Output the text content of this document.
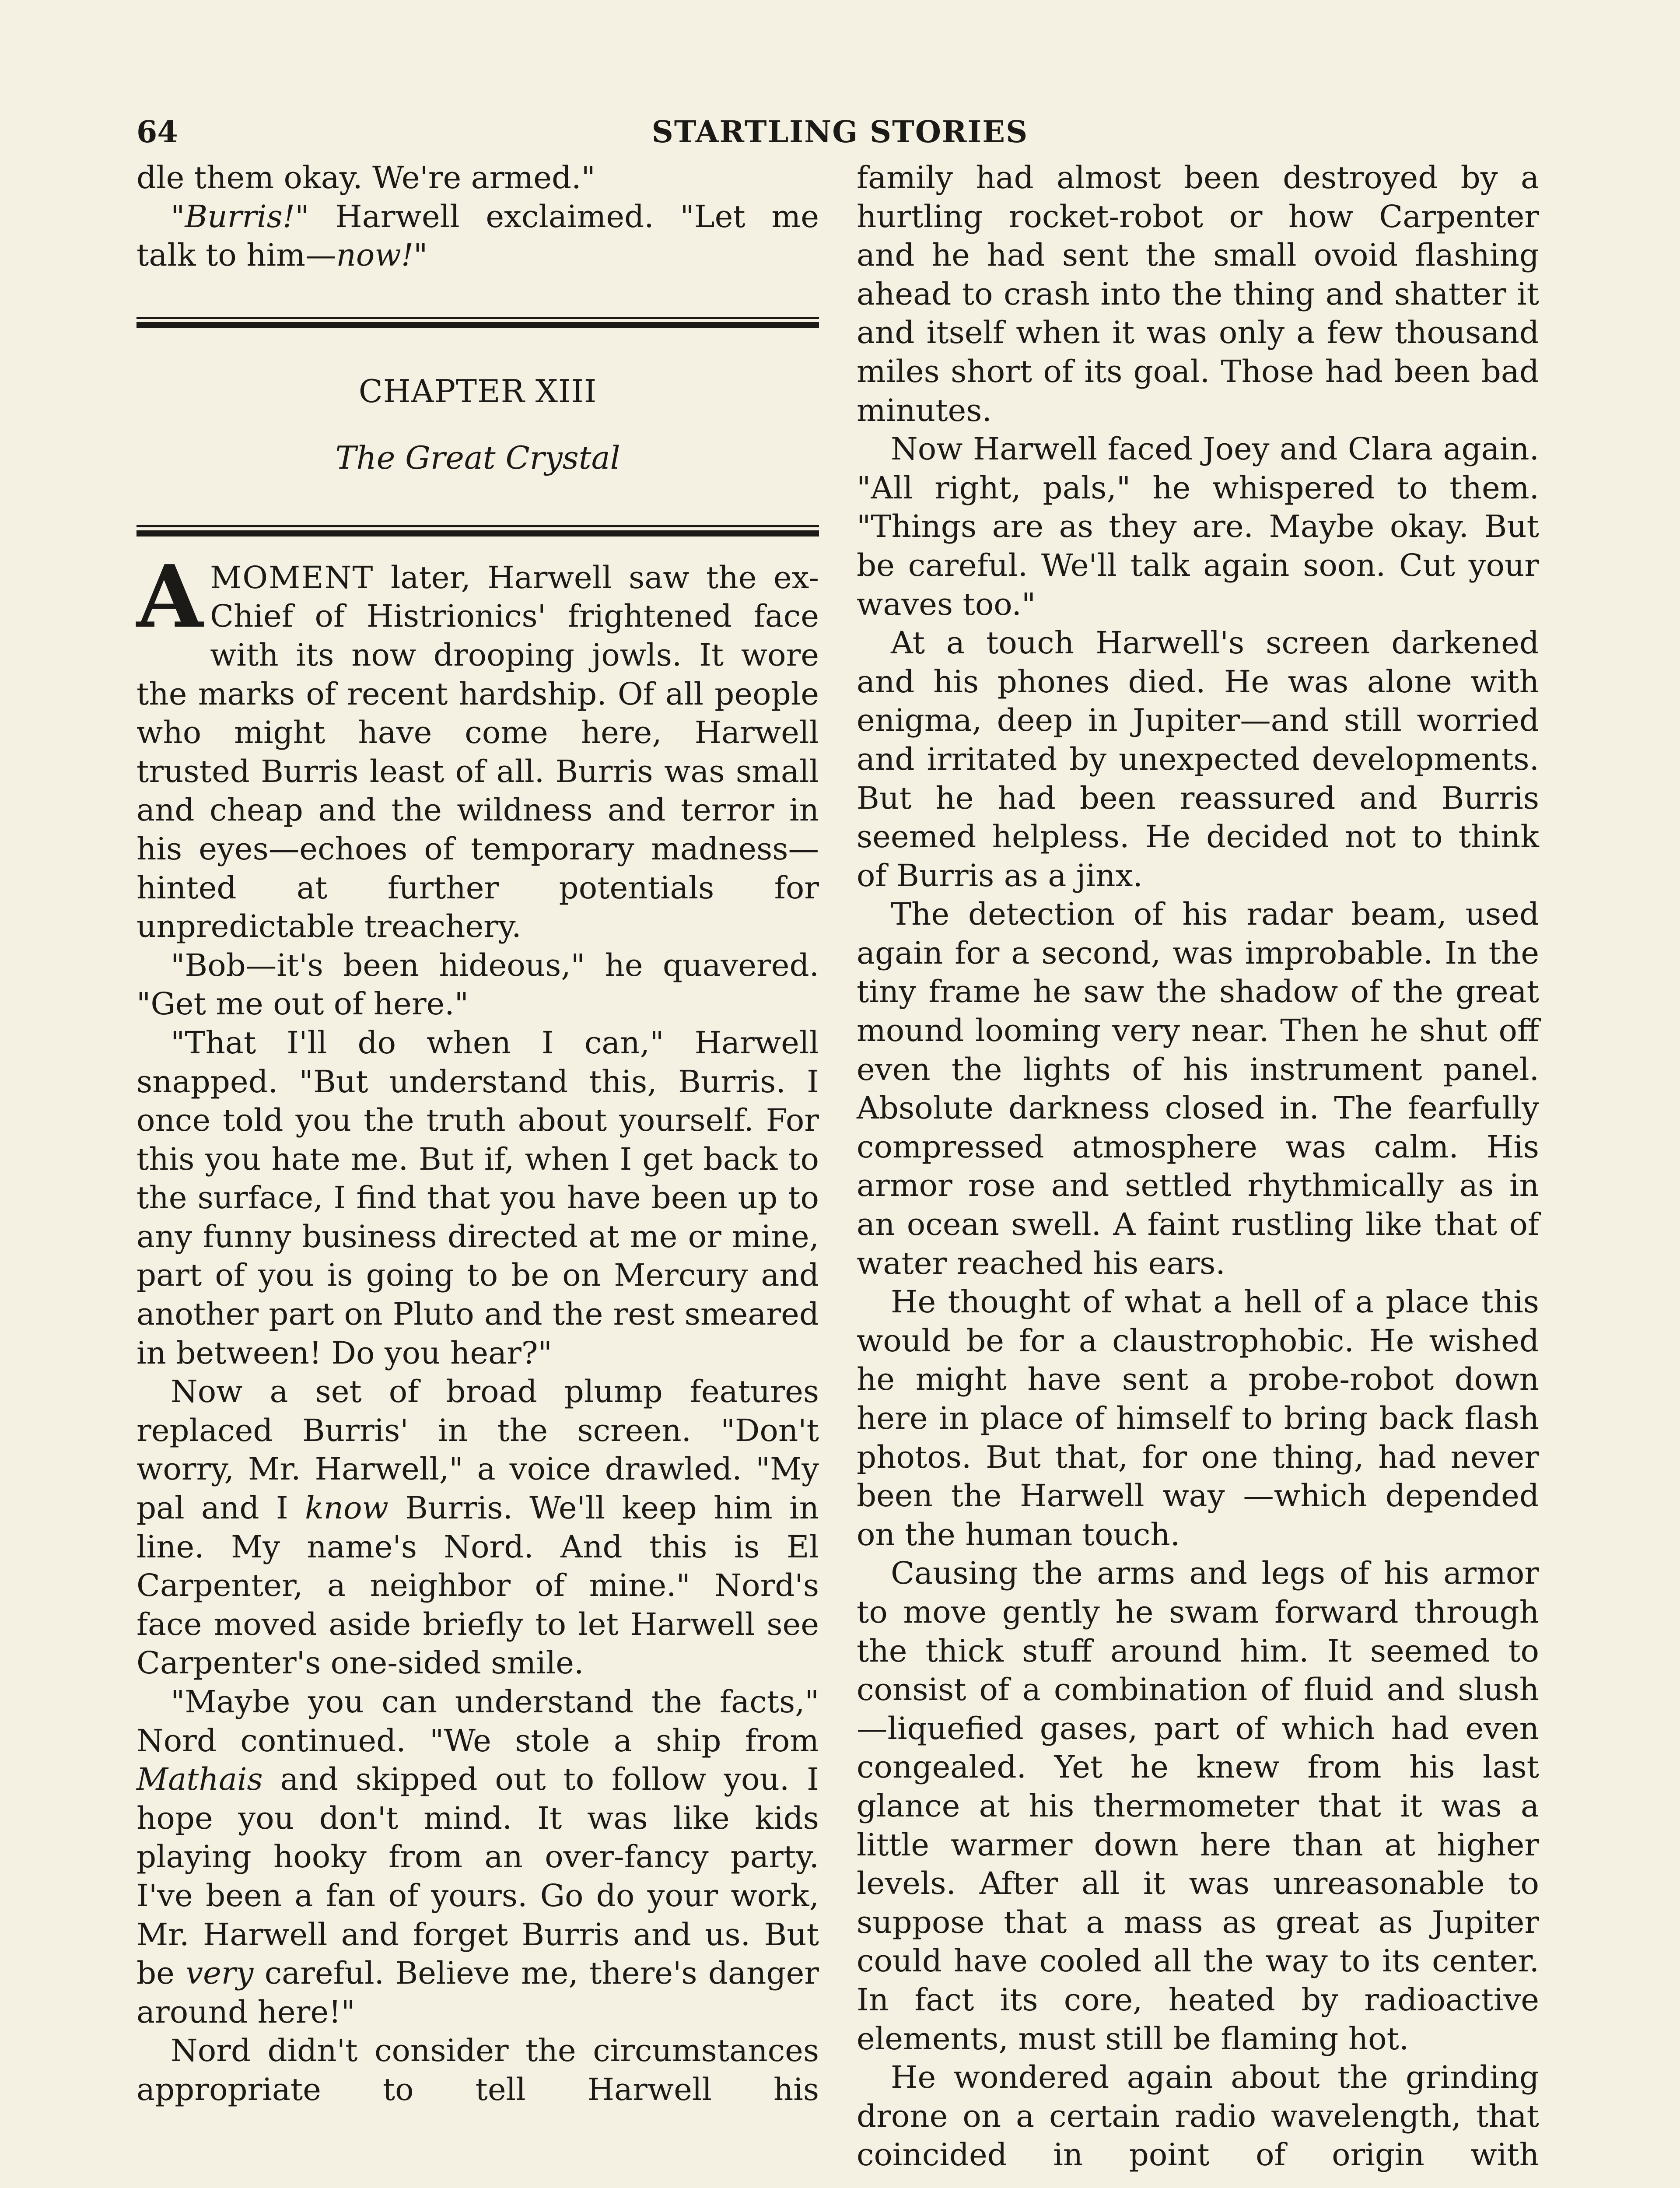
64	STARTLING STORIES

dle them okay. We're armed."

"Burris!" Harwell exclaimed. "Let me talk to him—now!"

CHAPTER XIII
The Great Crystal

AMOMENT later, Harwell saw the ex-Chief of Histrionics' frightened face with its now drooping jowls. It wore the marks of recent hardship. Of all people who might have come here, Harwell trusted Burris least of all. Burris was small and cheap and the wildness and terror in his eyes—echoes of temporary madness—hinted at further potentials for unpredictable treachery.

"Bob—it's been hideous," he quavered. "Get me out of here."

"That I'll do when I can," Harwell snapped. "But understand this, Burris. I once told you the truth about yourself. For this you hate me. But if, when I get back to the surface, I find that you have been up to any funny business directed at me or mine, part of you is going to be on Mercury and another part on Pluto and the rest smeared in between! Do you hear?"

Now a set of broad plump features replaced Burris' in the screen. "Don't worry, Mr. Harwell," a voice drawled. "My pal and I know Burris. We'll keep him in line. My name's Nord. And this is El Carpenter, a neighbor of mine." Nord's face moved aside briefly to let Harwell see Carpenter's one-sided smile.

"Maybe you can understand the facts," Nord continued. "We stole a ship from Mathais and skipped out to follow you. I hope you don't mind. It was like kids playing hooky from an over-fancy party. I've been a fan of yours. Go do your work, Mr. Harwell and forget Burris and us. But be very careful. Believe me, there's danger around here!"

Nord didn't consider the circumstances appropriate to tell Harwell his

family had almost been destroyed by a hurtling rocket-robot or how Carpenter and he had sent the small ovoid flashing ahead to crash into the thing and shatter it and itself when it was only a few thousand miles short of its goal. Those had been bad minutes.

Now Harwell faced Joey and Clara again. "All right, pals," he whispered to them. "Things are as they are. Maybe okay. But be careful. We'll talk again soon. Cut your waves too."

At a touch Harwell's screen darkened and his phones died. He was alone with enigma, deep in Jupiter—and still worried and irritated by unexpected developments. But he had been reassured and Burris seemed helpless. He decided not to think of Burris as a jinx.

The detection of his radar beam, used again for a second, was improbable. In the tiny frame he saw the shadow of the great mound looming very near. Then he shut off even the lights of his instrument panel. Absolute darkness closed in. The fearfully compressed atmosphere was calm. His armor rose and settled rhythmically as in an ocean swell. A faint rustling like that of water reached his ears.

He thought of what a hell of a place this would be for a claustrophobic. He wished he might have sent a probe-robot down here in place of himself to bring back flash photos. But that, for one thing, had never been the Harwell way —which depended on the human touch.

Causing the arms and legs of his armor to move gently he swam forward through the thick stuff around him. It seemed to consist of a combination of fluid and slush—liquefied gases, part of which had even congealed. Yet he knew from his last glance at his thermometer that it was a little warmer down here than at higher levels. After all it was unreasonable to suppose that a mass as great as Jupiter could have cooled all the way to its center. In fact its core, heated by radioactive elements, must still be flaming hot.

He wondered again about the grinding drone on a certain radio wavelength, that coincided in point of origin with
